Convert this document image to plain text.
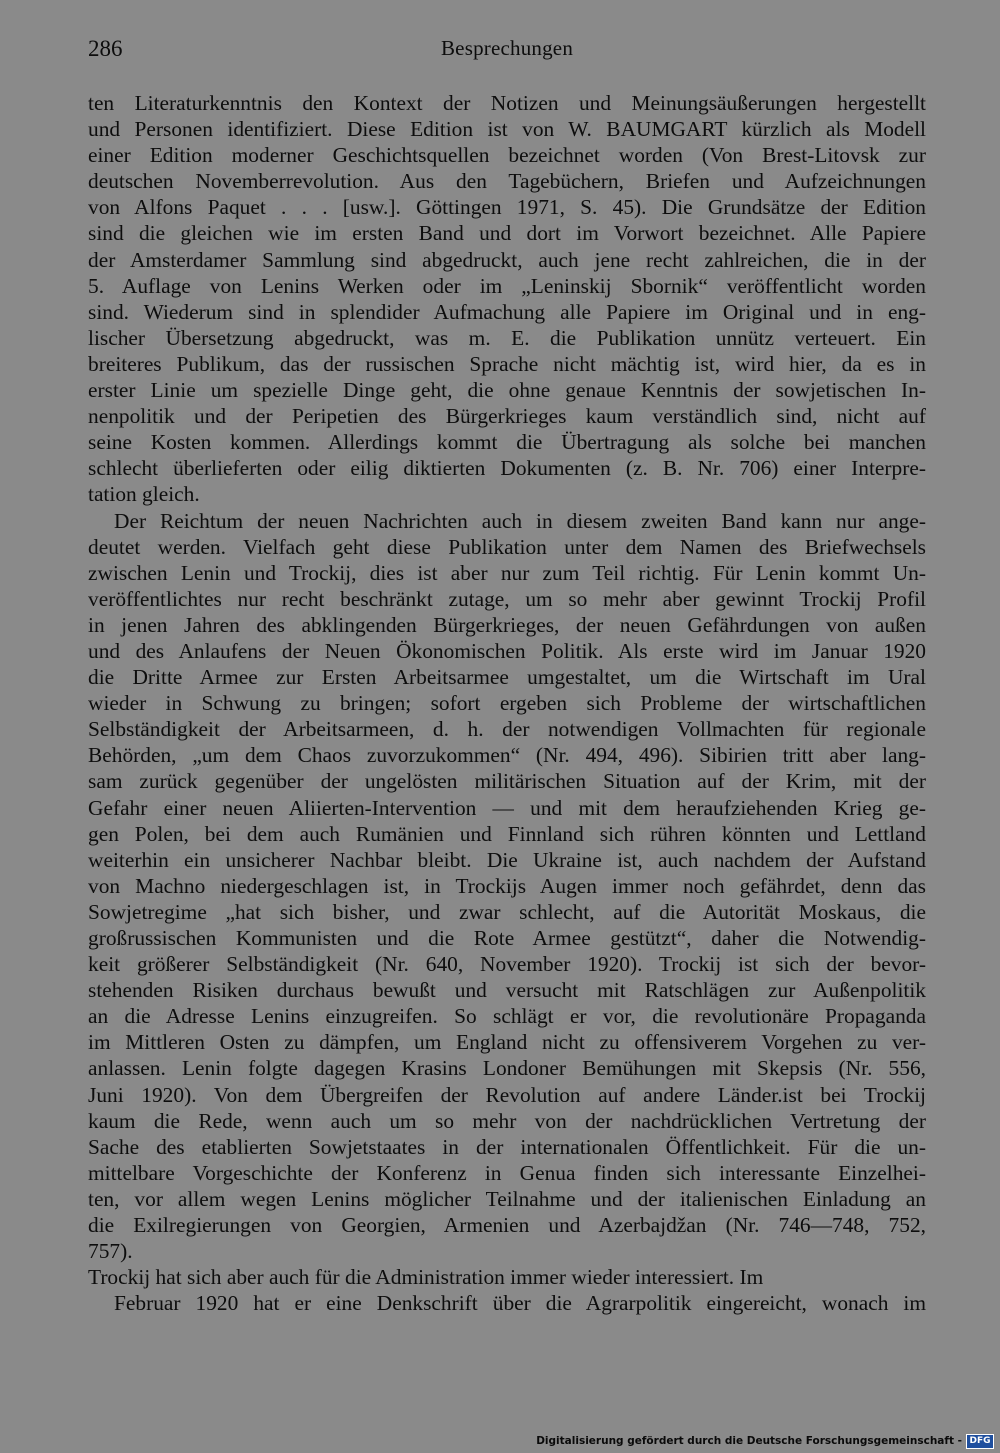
286	Besprechungen
ten Literaturkenntnis den Kontext der Notizen und Meinungsäußerungen hergestellt
und Personen identifiziert. Diese Edition ist von W. BAUMGART kürzlich als Modell
einer Edition moderner Geschichtsquellen bezeichnet worden (Von Brest-Litovsk zur
deutschen Novemberrevolution. Aus den Tagebüchern, Briefen und Aufzeichnungen
von Alfons Paquet . . . [usw.]. Göttingen 1971, S. 45). Die Grundsätze der Edition
sind die gleichen wie im ersten Band und dort im Vorwort bezeichnet. Alle Papiere
der Amsterdamer Sammlung sind abgedruckt, auch jene recht zahlreichen, die in der
5. Auflage von Lenins Werken oder im „Leninskij Sbornik“ veröffentlicht worden
sind. Wiederum sind in splendider Aufmachung alle Papiere im Original und in eng-
lischer Übersetzung abgedruckt, was m. E. die Publikation unnütz verteuert. Ein
breiteres Publikum, das der russischen Sprache nicht mächtig ist, wird hier, da es in
erster Linie um spezielle Dinge geht, die ohne genaue Kenntnis der sowjetischen In-
nenpolitik und der Peripetien des Bürgerkrieges kaum verständlich sind, nicht auf
seine Kosten kommen. Allerdings kommt die Übertragung als solche bei manchen
schlecht überlieferten oder eilig diktierten Dokumenten (z. B. Nr. 706) einer Interpre-
tation gleich.
Der Reichtum der neuen Nachrichten auch in diesem zweiten Band kann nur ange-
deutet werden. Vielfach geht diese Publikation unter dem Namen des Briefwechsels
zwischen Lenin und Trockij, dies ist aber nur zum Teil richtig. Für Lenin kommt Un-
veröffentlichtes nur recht beschränkt zutage, um so mehr aber gewinnt Trockij Profil
in jenen Jahren des abklingenden Bürgerkrieges, der neuen Gefährdungen von außen
und des Anlaufens der Neuen Ökonomischen Politik. Als erste wird im Januar 1920
die Dritte Armee zur Ersten Arbeitsarmee umgestaltet, um die Wirtschaft im Ural
wieder in Schwung zu bringen; sofort ergeben sich Probleme der wirtschaftlichen
Selbständigkeit der Arbeitsarmeen, d. h. der notwendigen Vollmachten für regionale
Behörden, „um dem Chaos zuvorzukommen“ (Nr. 494, 496). Sibirien tritt aber lang-
sam zurück gegenüber der ungelösten militärischen Situation auf der Krim, mit der
Gefahr einer neuen Aliierten-Intervention — und mit dem heraufziehenden Krieg ge-
gen Polen, bei dem auch Rumänien und Finnland sich rühren könnten und Lettland
weiterhin ein unsicherer Nachbar bleibt. Die Ukraine ist, auch nachdem der Aufstand
von Machno niedergeschlagen ist, in Trockijs Augen immer noch gefährdet, denn das
Sowjetregime „hat sich bisher, und zwar schlecht, auf die Autorität Moskaus, die
großrussischen Kommunisten und die Rote Armee gestützt“, daher die Notwendig-
keit größerer Selbständigkeit (Nr. 640, November 1920). Trockij ist sich der bevor-
stehenden Risiken durchaus bewußt und versucht mit Ratschlägen zur Außenpolitik
an die Adresse Lenins einzugreifen. So schlägt er vor, die revolutionäre Propaganda
im Mittleren Osten zu dämpfen, um England nicht zu offensiverem Vorgehen zu ver-
anlassen. Lenin folgte dagegen Krasins Londoner Bemühungen mit Skepsis (Nr. 556,
Juni 1920). Von dem Übergreifen der Revolution auf andere Länder.ist bei Trockij
kaum die Rede, wenn auch um so mehr von der nachdrücklichen Vertretung der
Sache des etablierten Sowjetstaates in der internationalen Öffentlichkeit. Für die un-
mittelbare Vorgeschichte der Konferenz in Genua finden sich interessante Einzelhei-
ten, vor allem wegen Lenins möglicher Teilnahme und der italienischen Einladung an
die Exilregierungen von Georgien, Armenien und Azerbajdžan (Nr. 746—748, 752,
757).
Trockij hat sich aber auch für die Administration immer wieder interessiert. Im
Februar 1920 hat er eine Denkschrift über die Agrarpolitik eingereicht, wonach im
Digitalisierung gefördert durch die Deutsche Forschungsgemeinschaft - DFG
